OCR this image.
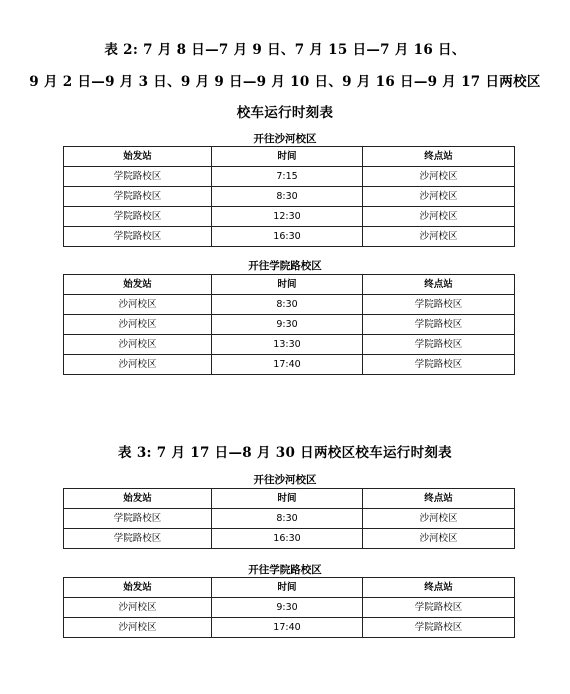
表 2: 7 月 8 日—7 月 9 日、7 月 15 日—7 月 16 日、
9 月 2 日—9 月 3 日、9 月 9 日—9 月 10 日、9 月 16 日—9 月 17 日两校区
校车运行时刻表
开往沙河校区
始发站	时间	终点站
学院路校区	7:15	沙河校区
学院路校区	8:30	沙河校区
学院路校区	12:30	沙河校区
学院路校区	16:30	沙河校区
开往学院路校区
始发站	时间	终点站
沙河校区	8:30	学院路校区
沙河校区	9:30	学院路校区
沙河校区	13:30	学院路校区
沙河校区	17:40	学院路校区
表 3: 7 月 17 日—8 月 30 日两校区校车运行时刻表
开往沙河校区
始发站	时间	终点站
学院路校区	8:30	沙河校区
学院路校区	16:30	沙河校区
开往学院路校区
始发站	时间	终点站
沙河校区	9:30	学院路校区
沙河校区	17:40	学院路校区
